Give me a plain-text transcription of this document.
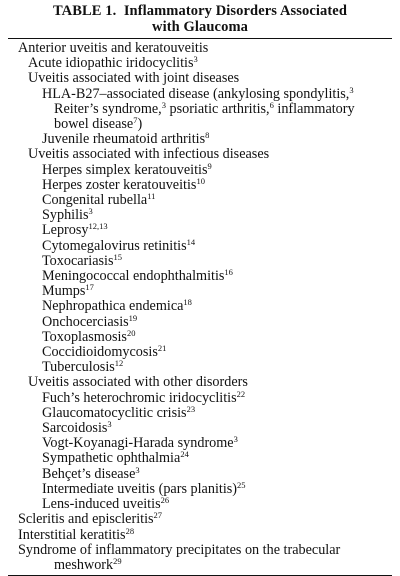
TABLE 1. Inflammatory Disorders Associated
with Glaucoma
Anterior uveitis and keratouveitis
Acute idiopathic iridocyclitis$^3$
Uveitis associated with joint diseases
HLA-B27–associated disease (ankylosing spondylitis,$^3$
Reiter’s syndrome,$^3$ psoriatic arthritis,$^6$ inflammatory
bowel disease$^7$)
Juvenile rheumatoid arthritis$^8$
Uveitis associated with infectious diseases
Herpes simplex keratouveitis$^9$
Herpes zoster keratouveitis$^{10}$
Congenital rubella$^{11}$
Syphilis$^3$
Leprosy$^{12,13}$
Cytomegalovirus retinitis$^{14}$
Toxocariasis$^{15}$
Meningococcal endophthalmitis$^{16}$
Mumps$^{17}$
Nephropathica endemica$^{18}$
Onchocerciasis$^{19}$
Toxoplasmosis$^{20}$
Coccidioidomycosis$^{21}$
Tuberculosis$^{12}$
Uveitis associated with other disorders
Fuch’s heterochromic iridocyclitis$^{22}$
Glaucomatocyclitic crisis$^{23}$
Sarcoidosis$^3$
Vogt-Koyanagi-Harada syndrome$^3$
Sympathetic ophthalmia$^{24}$
Behçet’s disease$^3$
Intermediate uveitis (pars planitis)$^{25}$
Lens-induced uveitis$^{26}$
Scleritis and episcleritis$^{27}$
Interstitial keratitis$^{28}$
Syndrome of inflammatory precipitates on the trabecular
meshwork$^{29}$
